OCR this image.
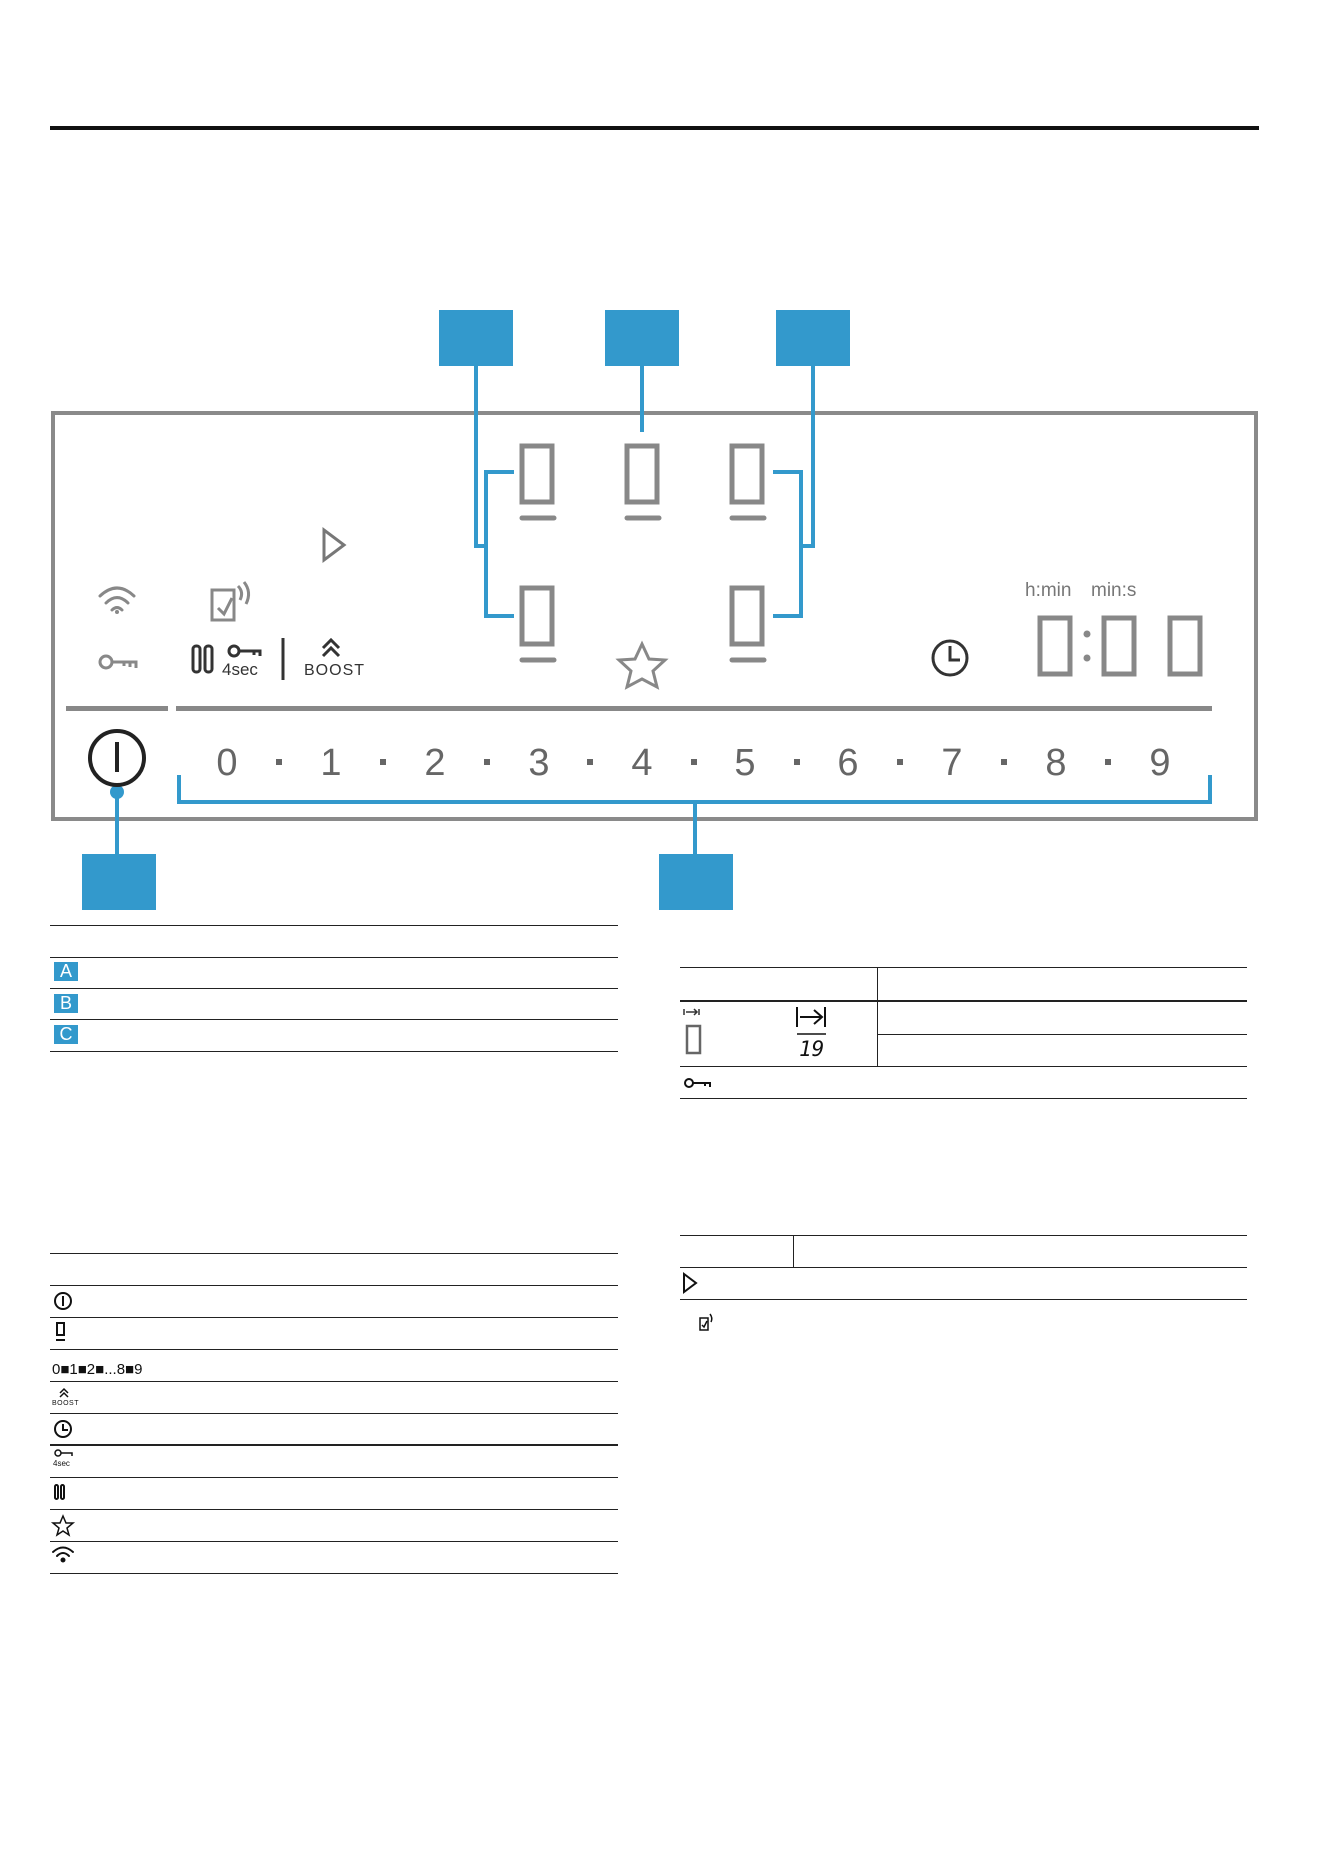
4sec	BOOST
h:min min:s
0 1 2 3 4 5 6 7 8 9
A
B
C
0■1■2■...8■9
BOOST
4sec
19
